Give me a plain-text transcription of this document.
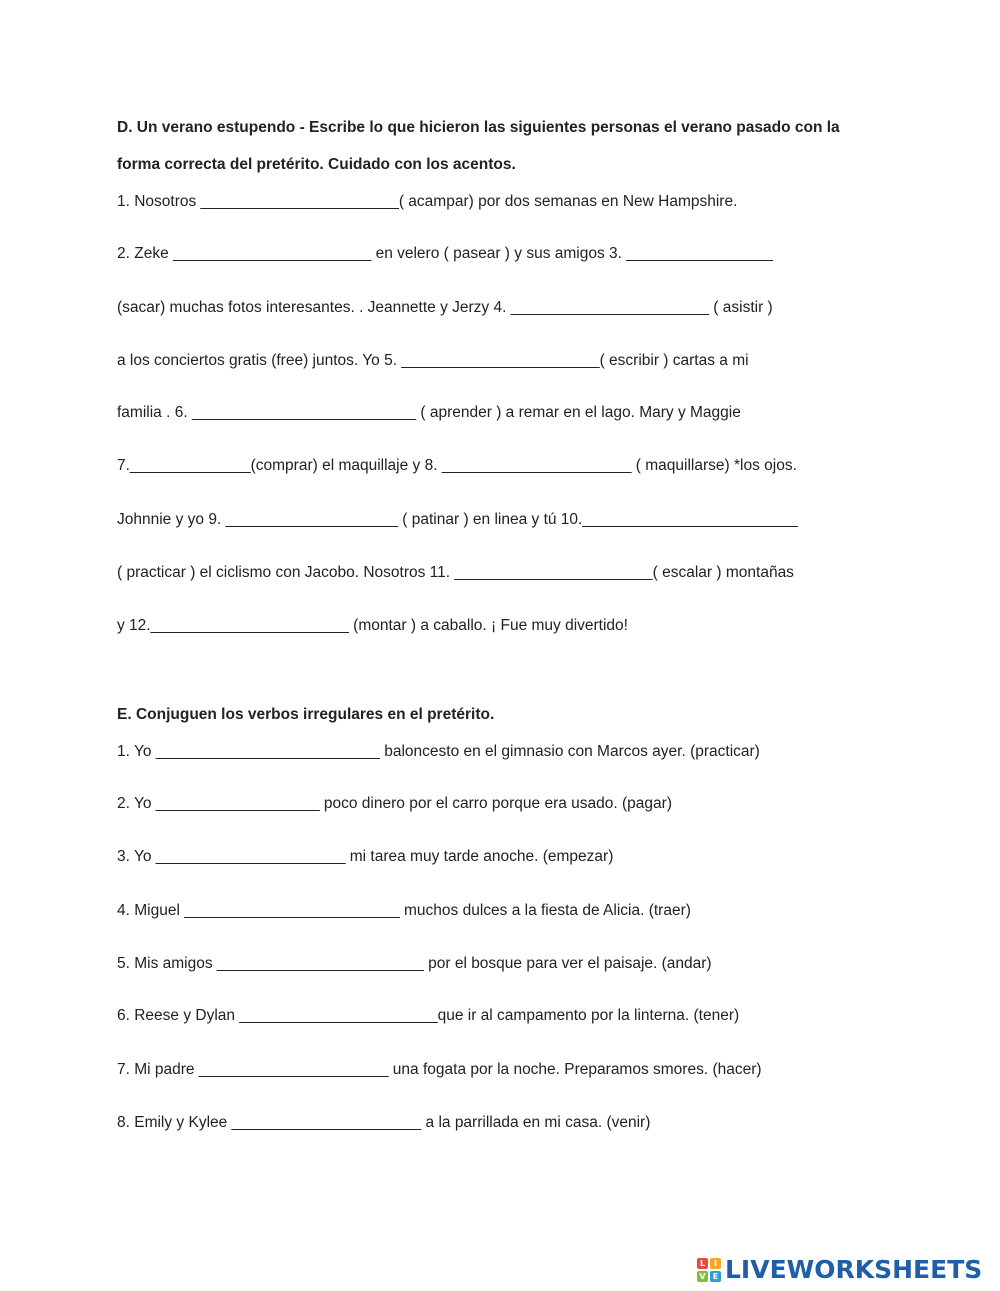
D. Un verano estupendo - Escribe lo que hicieron las siguientes personas el verano pasado con la
forma correcta del pretérito. Cuidado con los acentos.
1. Nosotros _______________________( acampar) por dos semanas en New Hampshire.
2. Zeke _______________________ en velero ( pasear ) y sus amigos 3. _________________
(sacar) muchas fotos interesantes. . Jeannette y Jerzy 4. _______________________ ( asistir )
a los conciertos gratis (free) juntos. Yo 5. _______________________( escribir ) cartas a mi
familia . 6. __________________________ ( aprender ) a remar en el lago. Mary y Maggie
7.______________(comprar) el maquillaje y 8. ______________________ ( maquillarse) *los ojos.
Johnnie y yo 9. ____________________ ( patinar ) en linea y tú 10._________________________
( practicar ) el ciclismo con Jacobo. Nosotros 11. _______________________( escalar ) montañas
y 12._______________________ (montar ) a caballo. ¡ Fue muy divertido!
E. Conjuguen los verbos irregulares en el pretérito.
1. Yo __________________________ baloncesto en el gimnasio con Marcos ayer. (practicar)
2. Yo ___________________ poco dinero por el carro porque era usado. (pagar)
3. Yo ______________________ mi tarea muy tarde anoche. (empezar)
4. Miguel _________________________ muchos dulces a la fiesta de Alicia. (traer)
5. Mis amigos ________________________ por el bosque para ver el paisaje. (andar)
6. Reese y Dylan _______________________que ir al campamento por la linterna. (tener)
7. Mi padre ______________________ una fogata por la noche. Preparamos smores. (hacer)
8. Emily y Kylee ______________________ a la parrillada en mi casa. (venir)
L	I
V E LIVEWORKSHEETS
